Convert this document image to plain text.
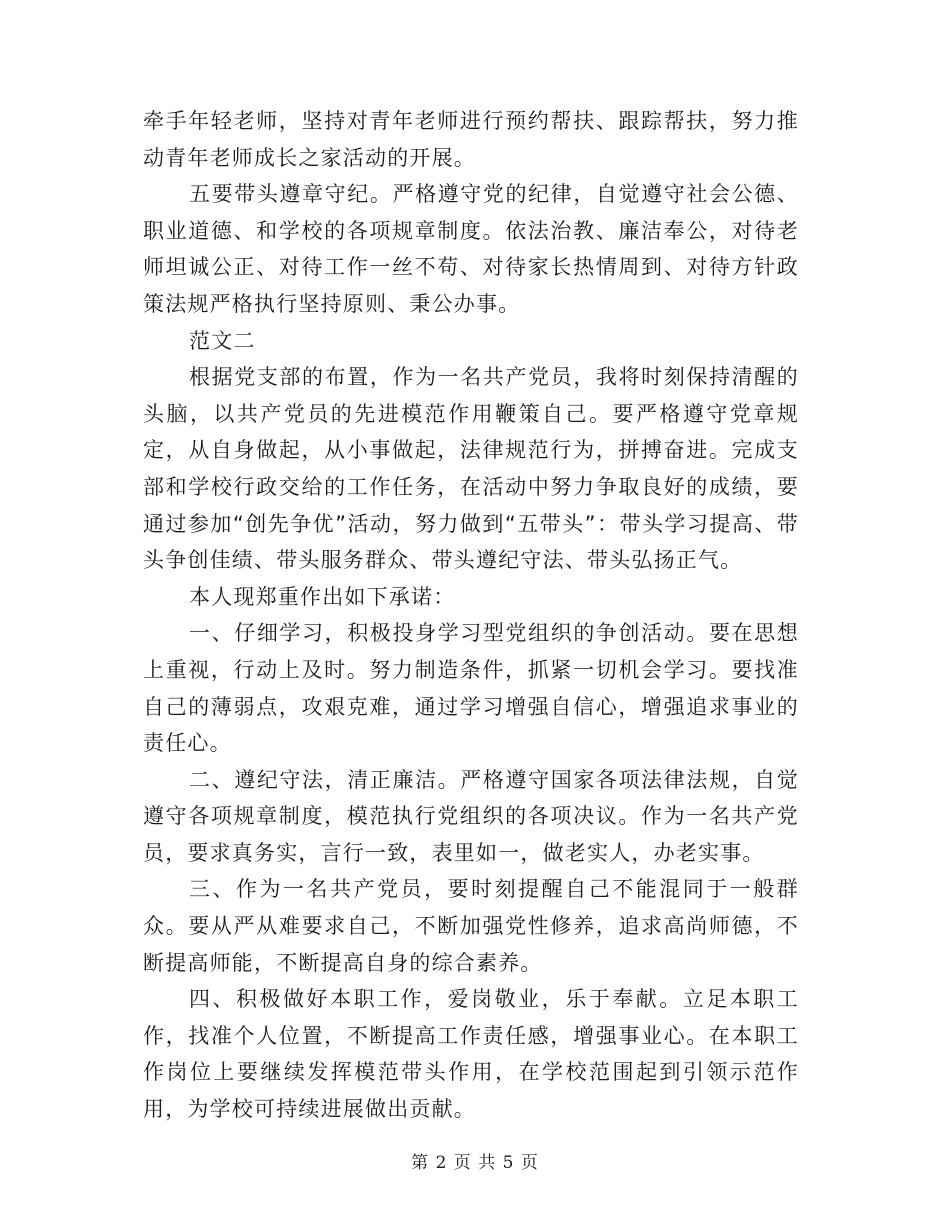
牵手年轻老师，坚持对青年老师进行预约帮扶、跟踪帮扶，努力推动青年老师成长之家活动的开展。

五要带头遵章守纪。严格遵守党的纪律，自觉遵守社会公德、职业道德、和学校的各项规章制度。依法治教、廉洁奉公，对待老师坦诚公正、对待工作一丝不苟、对待家长热情周到、对待方针政策法规严格执行坚持原则、秉公办事。

范文二

根据党支部的布置，作为一名共产党员，我将时刻保持清醒的头脑，以共产党员的先进模范作用鞭策自己。要严格遵守党章规定，从自身做起，从小事做起，法律规范行为，拼搏奋进。完成支部和学校行政交给的工作任务，在活动中努力争取良好的成绩，要通过参加“创先争优”活动，努力做到“五带头”：带头学习提高、带头争创佳绩、带头服务群众、带头遵纪守法、带头弘扬正气。

本人现郑重作出如下承诺：

一、仔细学习，积极投身学习型党组织的争创活动。要在思想上重视，行动上及时。努力制造条件，抓紧一切机会学习。要找准自己的薄弱点，攻艰克难，通过学习增强自信心，增强追求事业的责任心。

二、遵纪守法，清正廉洁。严格遵守国家各项法律法规，自觉遵守各项规章制度，模范执行党组织的各项决议。作为一名共产党员，要求真务实，言行一致，表里如一，做老实人，办老实事。

三、作为一名共产党员，要时刻提醒自己不能混同于一般群众。要从严从难要求自己，不断加强党性修养，追求高尚师德，不断提高师能，不断提高自身的综合素养。

四、积极做好本职工作，爱岗敬业，乐于奉献。立足本职工作，找准个人位置，不断提高工作责任感，增强事业心。在本职工作岗位上要继续发挥模范带头作用，在学校范围起到引领示范作用，为学校可持续进展做出贡献。

第 2 页 共 5 页
